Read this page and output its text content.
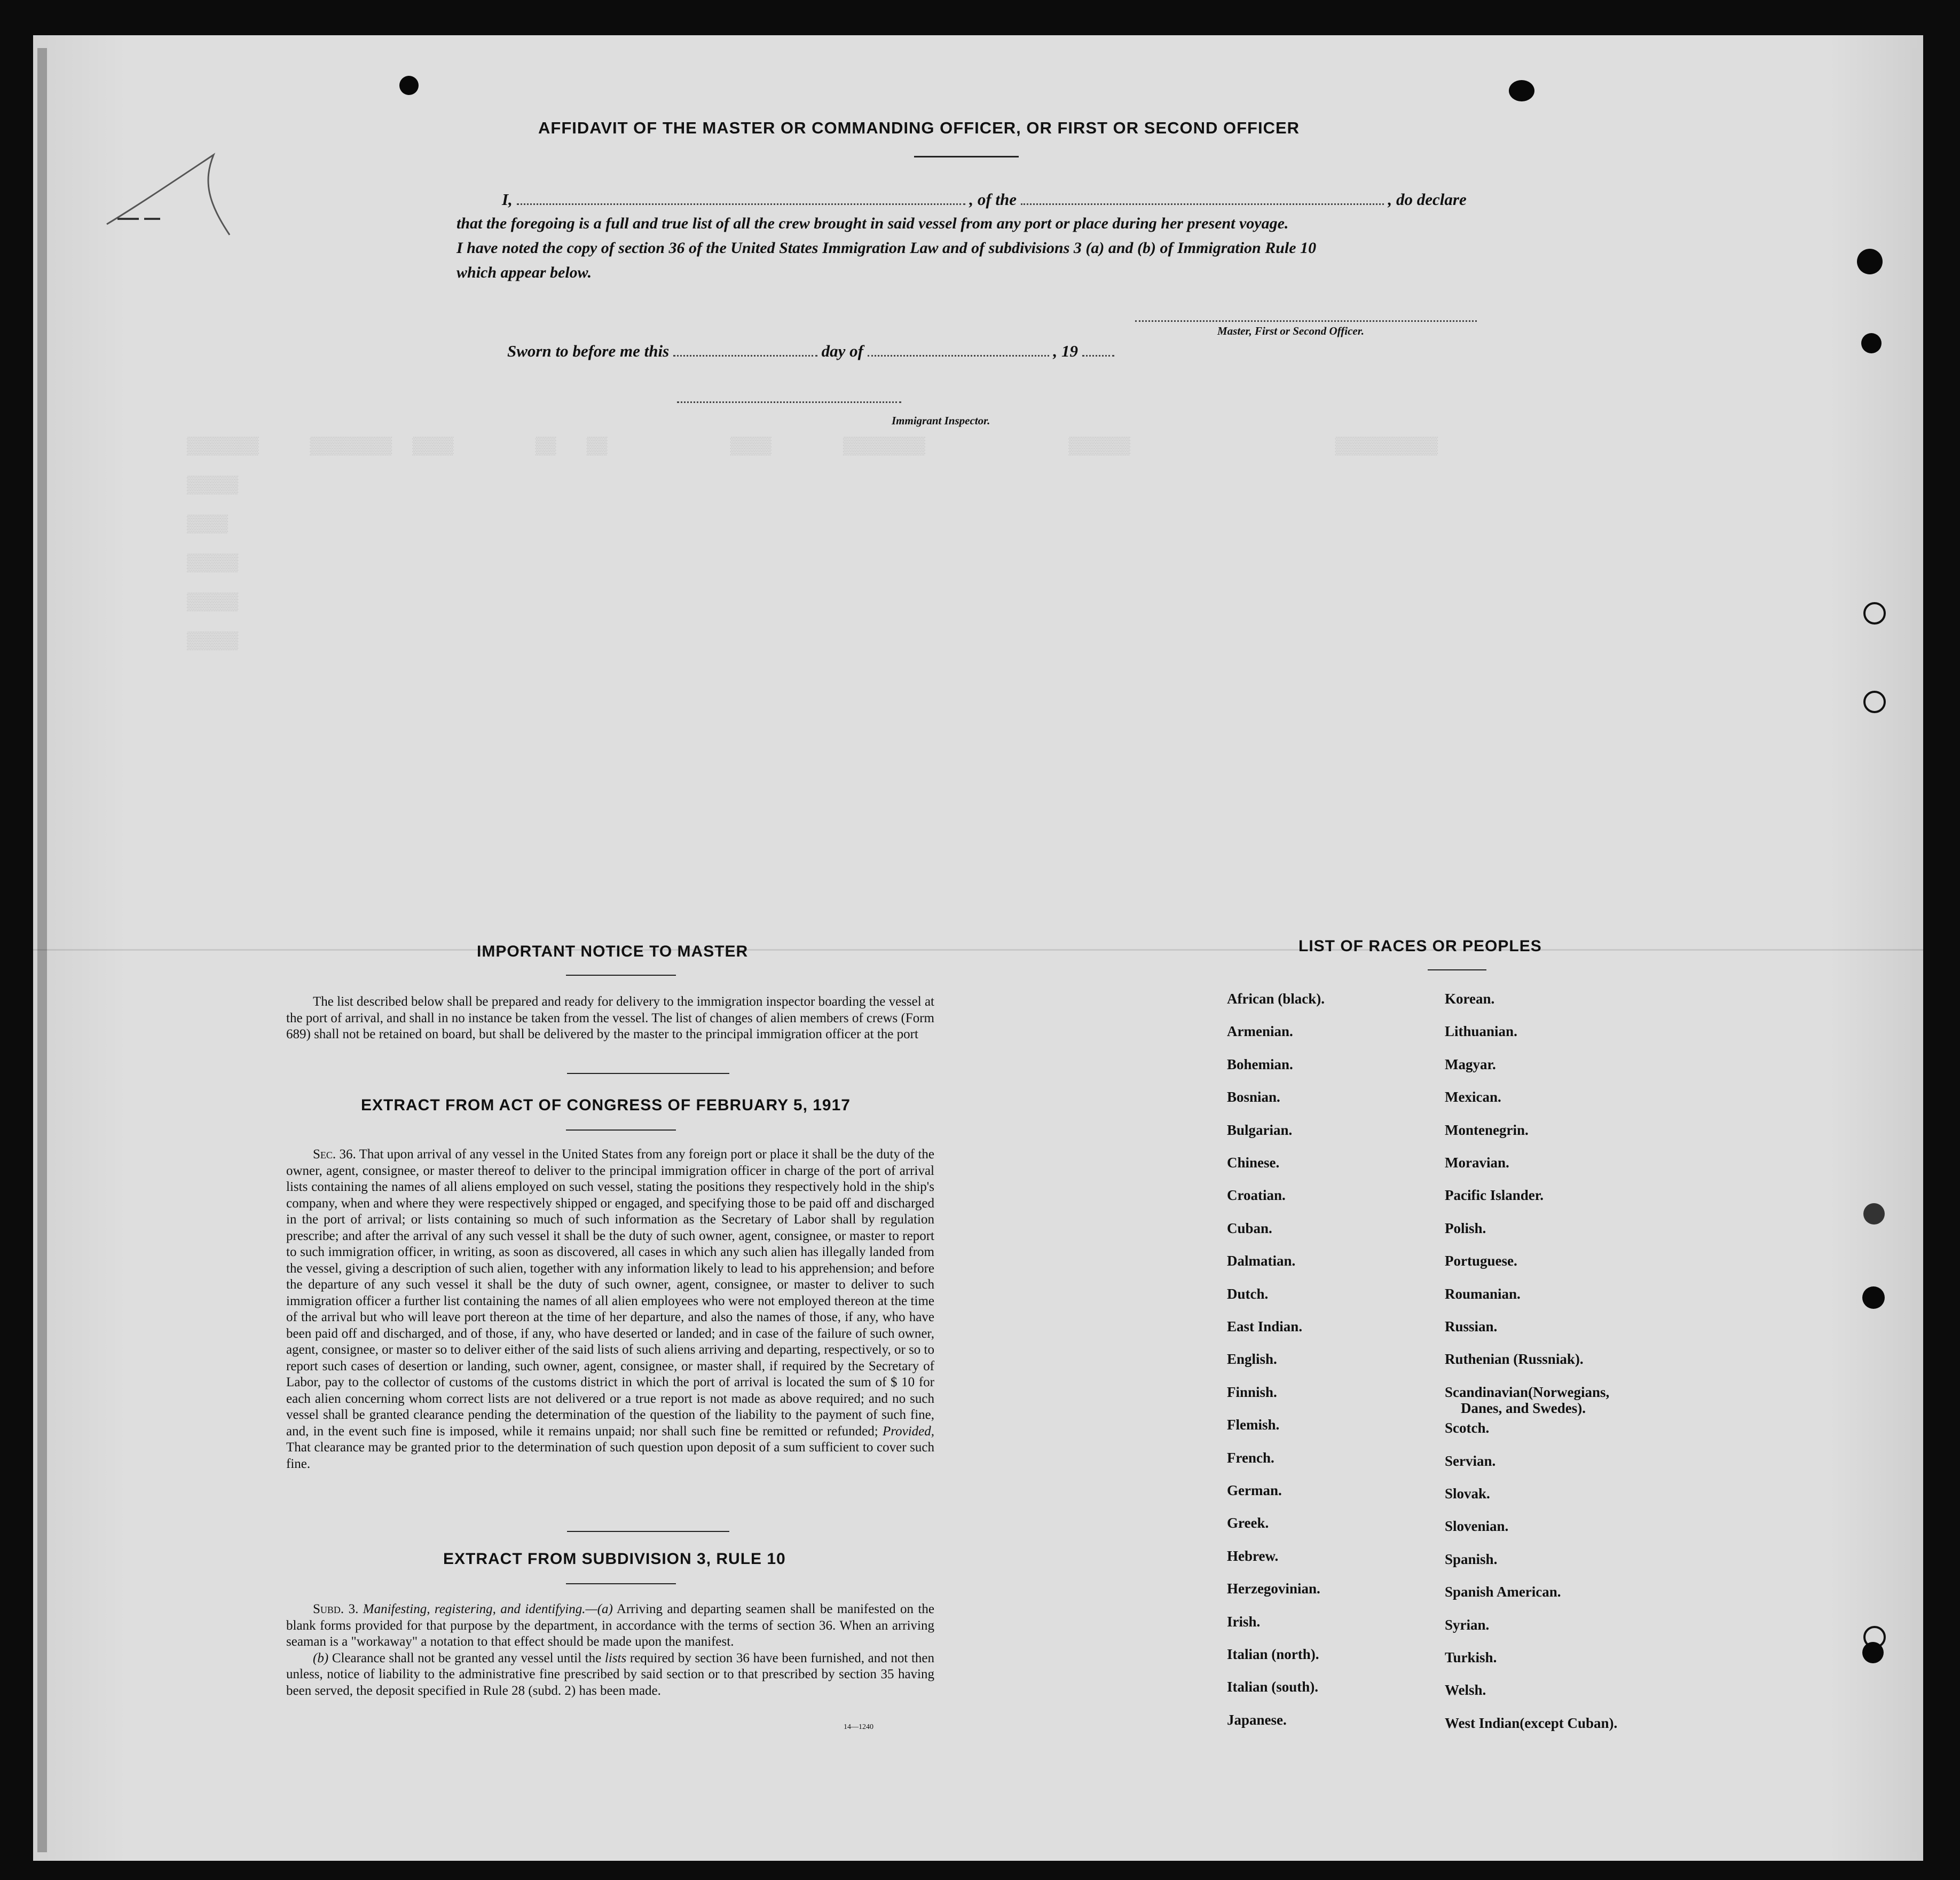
▒▒▒▒▒▒▒     ▒▒▒▒▒▒▒▒  ▒▒▒▒        ▒▒   ▒▒            ▒▒▒▒       ▒▒▒▒▒▒▒▒              ▒▒▒▒▒▒                    ▒▒▒▒▒▒▒▒▒▒
▒▒▒▒▒
▒▒▒▒
▒▒▒▒▒
▒▒▒▒▒
▒▒▒▒▒
AFFIDAVIT OF THE MASTER OR COMMANDING OFFICER, OR FIRST OR SECOND OFFICER
I,	, of the	, do declare
that the foregoing is a full and true list of all the crew brought in said vessel from any port or place during her present voyage.
I have noted the copy of section 36 of the United States Immigration Law and of subdivisions 3 (a) and (b) of Immigration Rule 10
which appear below.
Master, First or Second Officer.
Sworn to before me this	day of	, 19
Immigrant Inspector.
IMPORTANT NOTICE TO MASTER

The list described below shall be prepared and ready for delivery to the immigration inspector boarding the vessel at the port of arrival, and shall in no instance be taken from the vessel. The list of changes of alien members of crews (Form 689) shall not be retained on board, but shall be delivered by the master to the principal immigration officer at the port

EXTRACT FROM ACT OF CONGRESS OF FEBRUARY 5, 1917

Sec. 36. That upon arrival of any vessel in the United States from any foreign port or place it shall be the duty of the owner, agent, consignee, or master thereof to deliver to the principal immigration officer in charge of the port of arrival lists containing the names of all aliens employed on such vessel, stating the positions they respectively hold in the ship's company, when and where they were respectively shipped or engaged, and specifying those to be paid off and discharged in the port of arrival; or lists containing so much of such information as the Secretary of Labor shall by regulation prescribe; and after the arrival of any such vessel it shall be the duty of such owner, agent, consignee, or master to report to such immigration officer, in writing, as soon as discovered, all cases in which any such alien has illegally landed from the vessel, giving a description of such alien, together with any information likely to lead to his apprehension; and before the departure of any such vessel it shall be the duty of such owner, agent, consignee, or master to deliver to such immigration officer a further list containing the names of all alien employees who were not employed thereon at the time of the arrival but who will leave port thereon at the time of her departure, and also the names of those, if any, who have been paid off and discharged, and of those, if any, who have deserted or landed; and in case of the failure of such owner, agent, consignee, or master so to deliver either of the said lists of such aliens arriving and departing, respectively, or so to report such cases of desertion or landing, such owner, agent, consignee, or master shall, if required by the Secretary of Labor, pay to the collector of customs of the customs district in which the port of arrival is located the sum of $ 10 for each alien concerning whom correct lists are not delivered or a true report is not made as above required; and no such vessel shall be granted clearance pending the determination of the question of the liability to the payment of such fine, and, in the event such fine is imposed, while it remains unpaid; nor shall such fine be remitted or refunded; Provided, That clearance may be granted prior to the determination of such question upon deposit of a sum sufficient to cover such fine.

EXTRACT FROM SUBDIVISION 3, RULE 10

Subd. 3. Manifesting, registering, and identifying.—(a) Arriving and departing seamen shall be manifested on the blank forms provided for that purpose by the department, in accordance with the terms of section 36. When an arriving seaman is a "workaway" a notation to that effect should be made upon the manifest.

(b) Clearance shall not be granted any vessel until the lists required by section 36 have been furnished, and not then unless, notice of liability to the administrative fine prescribed by said section or to that prescribed by section 35 having been served, the deposit specified in Rule 28 (subd. 2) has been made.

14—1240
LIST OF RACES OR PEOPLES
African (black).
Armenian.
Bohemian.
Bosnian.
Bulgarian.
Chinese.
Croatian.
Cuban.
Dalmatian.
Dutch.
East Indian.
English.
Finnish.
Flemish.
French.
German.
Greek.
Hebrew.
Herzegovinian.
Irish.
Italian (north).
Italian (south).
Japanese.
Korean.
Lithuanian.
Magyar.
Mexican.
Montenegrin.
Moravian.
Pacific Islander.
Polish.
Portuguese.
Roumanian.
Russian.
Ruthenian (Russniak).
Scandinavian(Norwegians,
Scotch.
Servian.
Slovak.
Slovenian.
Spanish.
Spanish American.
Syrian.
Turkish.
Welsh.
West Indian(except Cuban).
Danes, and Swedes).
